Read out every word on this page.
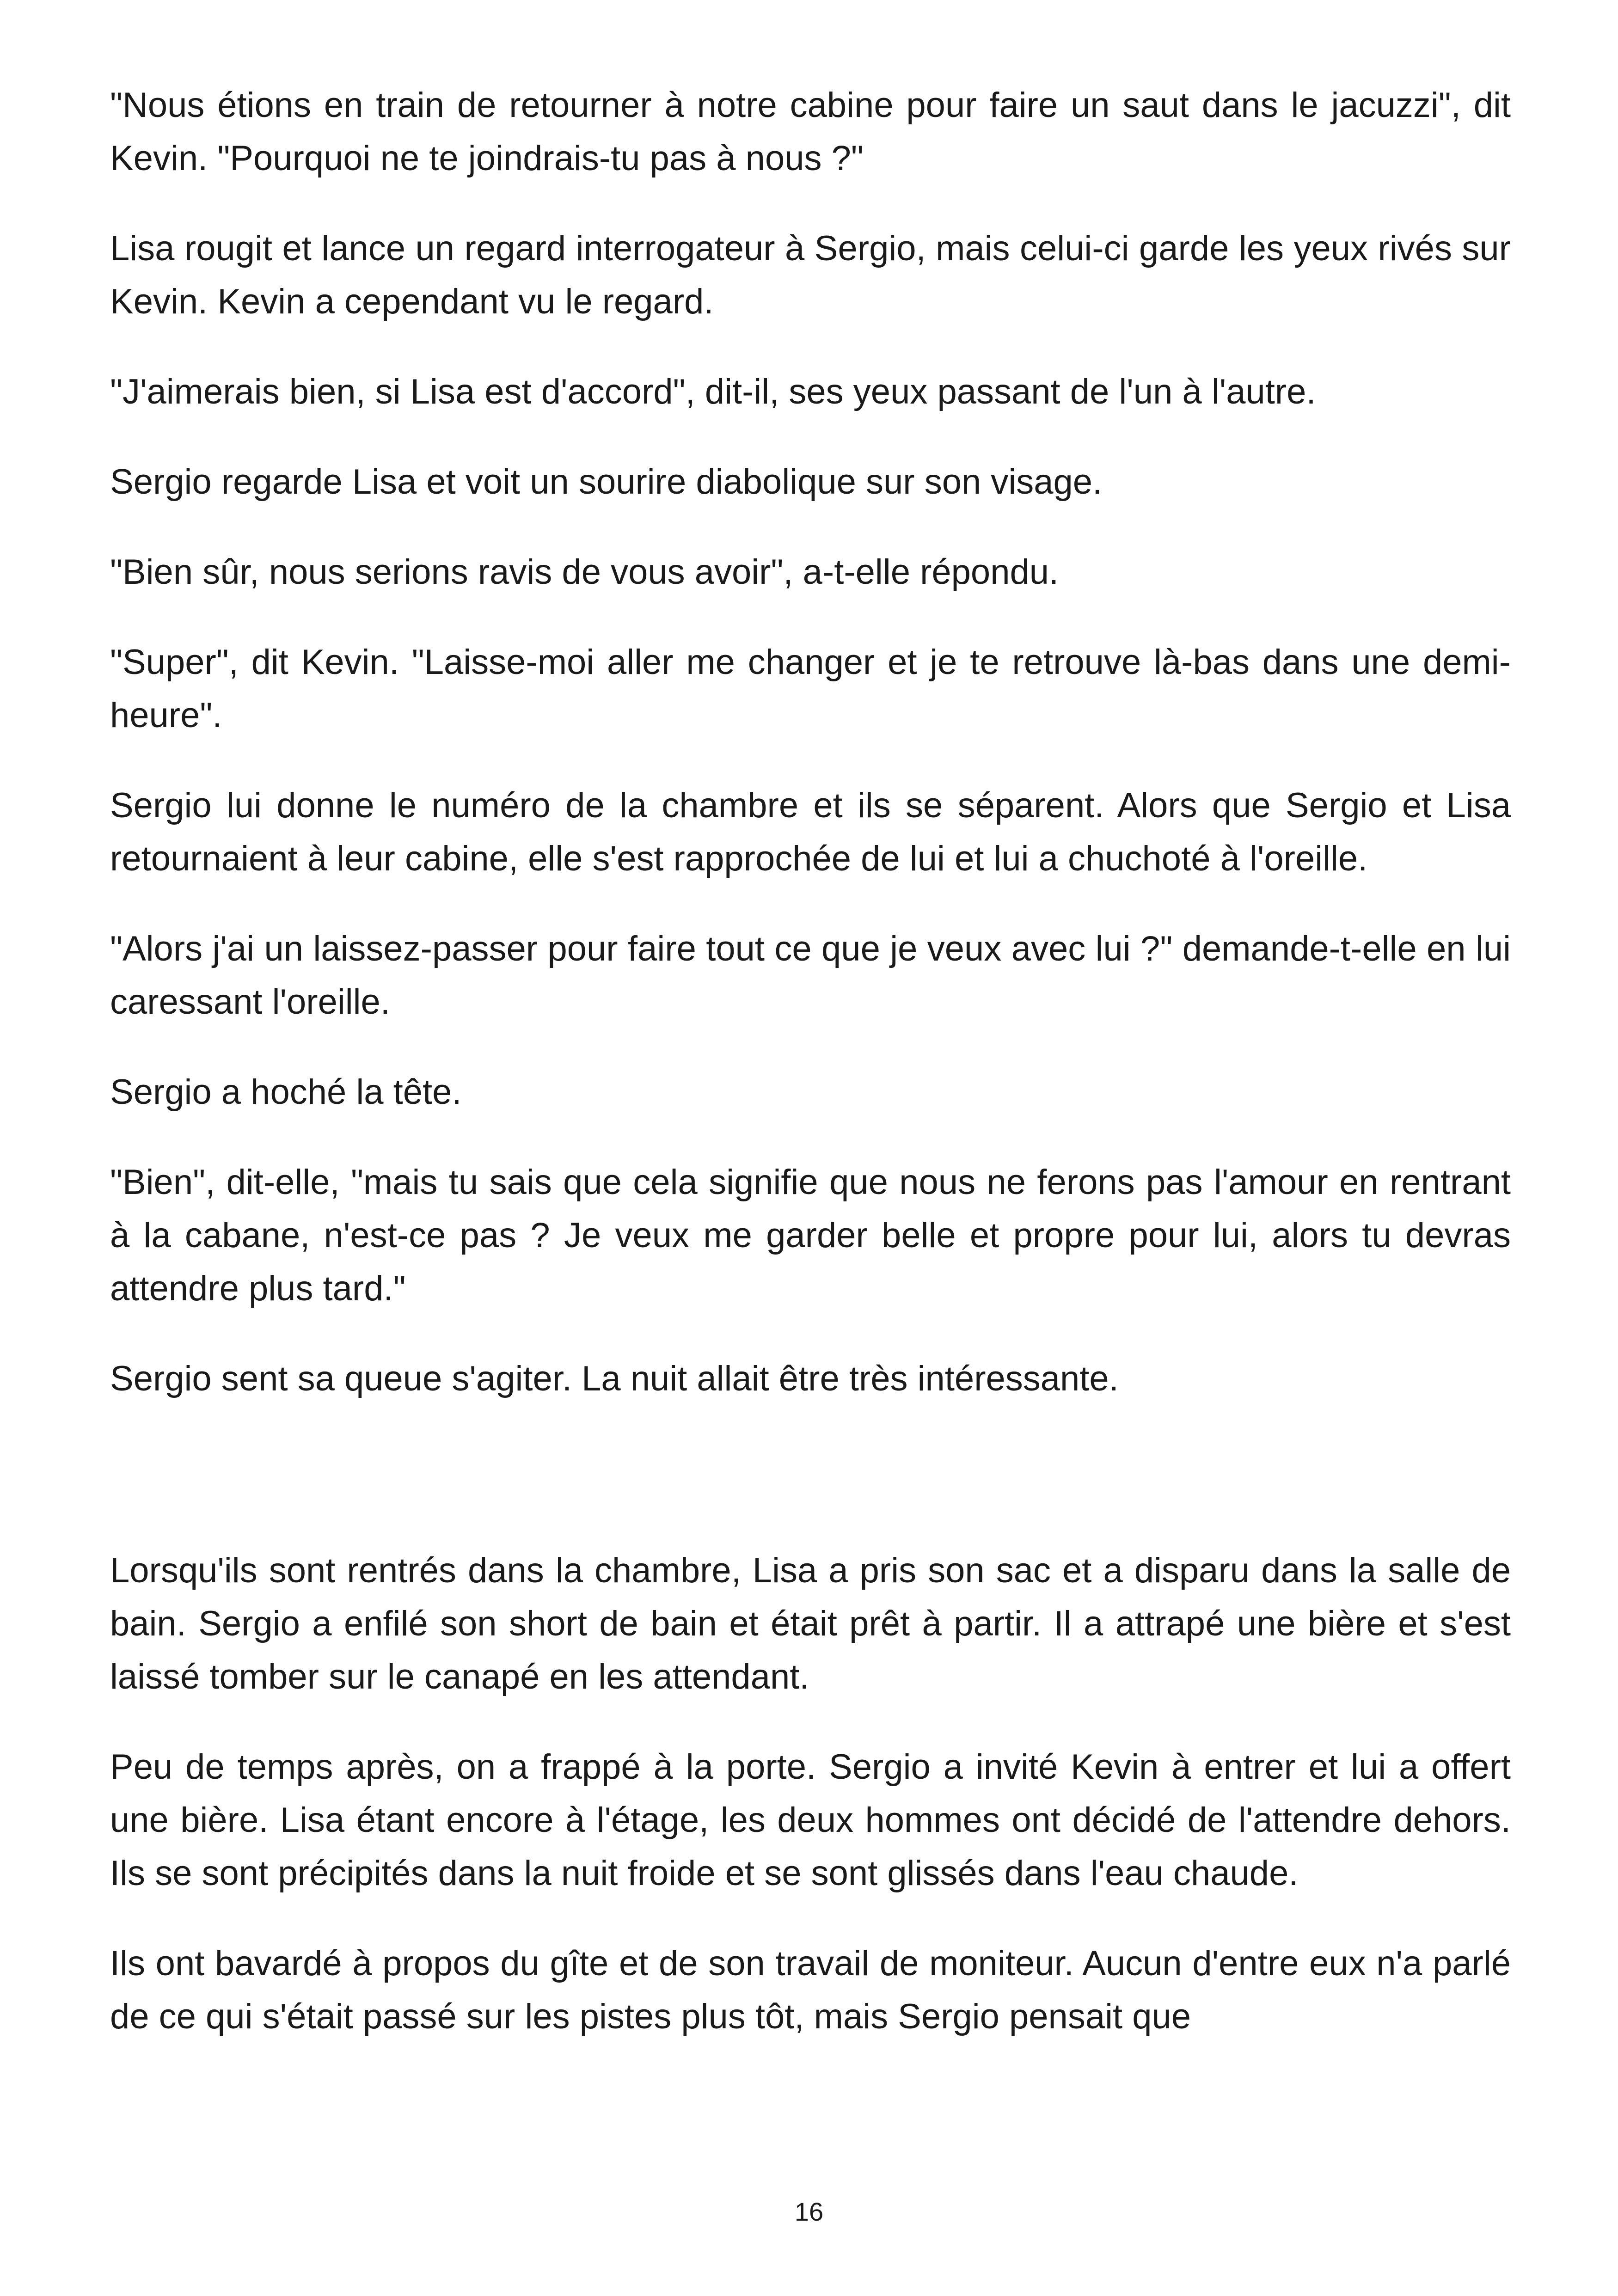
"Nous étions en train de retourner à notre cabine pour faire un saut dans le jacuzzi", dit Kevin. "Pourquoi ne te joindrais-tu pas à nous ?"

Lisa rougit et lance un regard interrogateur à Sergio, mais celui-ci garde les yeux rivés sur Kevin. Kevin a cependant vu le regard.

"J'aimerais bien, si Lisa est d'accord", dit-il, ses yeux passant de l'un à l'autre.

Sergio regarde Lisa et voit un sourire diabolique sur son visage.

"Bien sûr, nous serions ravis de vous avoir", a-t-elle répondu.

"Super", dit Kevin. "Laisse-moi aller me changer et je te retrouve là-bas dans une demi-heure".

Sergio lui donne le numéro de la chambre et ils se séparent. Alors que Sergio et Lisa retournaient à leur cabine, elle s'est rapprochée de lui et lui a chuchoté à l'oreille.

"Alors j'ai un laissez-passer pour faire tout ce que je veux avec lui ?" demande-t-elle en lui caressant l'oreille.

Sergio a hoché la tête.

"Bien", dit-elle, "mais tu sais que cela signifie que nous ne ferons pas l'amour en rentrant à la cabane, n'est-ce pas ? Je veux me garder belle et propre pour lui, alors tu devras attendre plus tard."

Sergio sent sa queue s'agiter. La nuit allait être très intéressante.

Lorsqu'ils sont rentrés dans la chambre, Lisa a pris son sac et a disparu dans la salle de bain. Sergio a enfilé son short de bain et était prêt à partir. Il a attrapé une bière et s'est laissé tomber sur le canapé en les attendant.

Peu de temps après, on a frappé à la porte. Sergio a invité Kevin à entrer et lui a offert une bière. Lisa étant encore à l'étage, les deux hommes ont décidé de l'attendre dehors. Ils se sont précipités dans la nuit froide et se sont glissés dans l'eau chaude.

Ils ont bavardé à propos du gîte et de son travail de moniteur. Aucun d'entre eux n'a parlé de ce qui s'était passé sur les pistes plus tôt, mais Sergio pensait que

16
